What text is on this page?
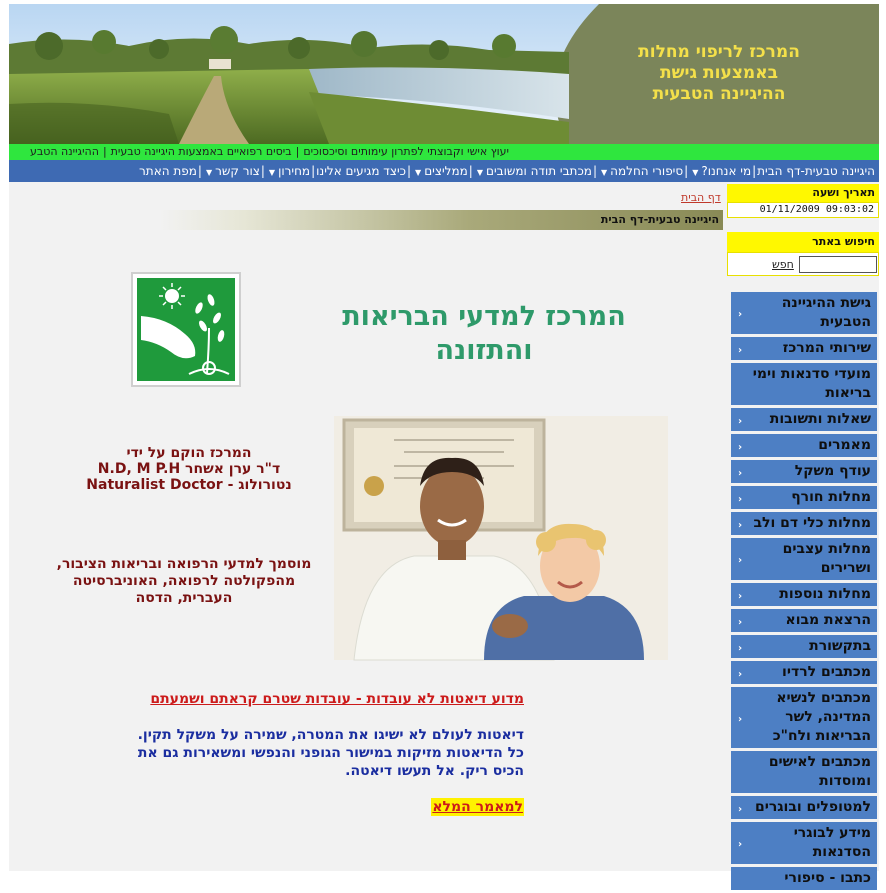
המרכז לריפוי מחלות
באמצעות גישת
ההיגיינה הטבעית
יעוץ אישי וקבוצתי לפתרון עימותים וסיכסוכים|ביסים רפואיים באמצעות היגיינה טבעית|ההיגיינה הטבע
היגיינה טבעית-דף הבית|מי אנחנו?▼|סיפורי החלמה▼|מכתבי תודה ומשובים▼|ממליצים▼|כיצד מגיעים אלינו|מחירון▼|צור קשר▼|מפת האתר
תאריך ושעה
01/11/2009 09:03:02
חיפוש באתר
חפש
גישת ההיגיינה הטבעית
‹
שירותי המרכז
‹
מועדי סדנאות וימי בריאות
שאלות ותשובות
‹
מאמרים
‹
עודף משקל
‹
מחלות חורף
‹
מחלות כלי דם ולב
‹
מחלות עצבים ושרירים
‹
מחלות נוספות
‹
הרצאת מבוא
‹
בתקשורת
‹
מכתבים לרדיו
‹
מכתבים לנשיא המדינה, לשר הבריאות ולח"כ
‹
מכתבים לאישים ומוסדות
למטופלים ובוגרים
‹
מידע לבוגרי הסדנאות
‹
כתבו - סיפורי
דף הבית
היגיינה טבעית-דף הבית
המרכז למדעי הבריאות
והתזונה
המרכז הוקם על ידי
ד"ר ערן אשחר N.D, M P.H
נטורולוג - Naturalist Doctor
מוסמך למדעי הרפואה ובריאות הציבור,
מהפקולטה לרפואה, האוניברסיטה
העברית, הדסה
מדוע דיאטות לא עובדות - עובדות שטרם קראתם ושמעתם
דיאטות לעולם לא ישיגו את המטרה, שמירה על משקל תקין.
כל הדיאטות מזיקות במישור הגופני והנפשי ומשאירות גם את
הכיס ריק. אל תעשו דיאטה.
למאמר המלא
